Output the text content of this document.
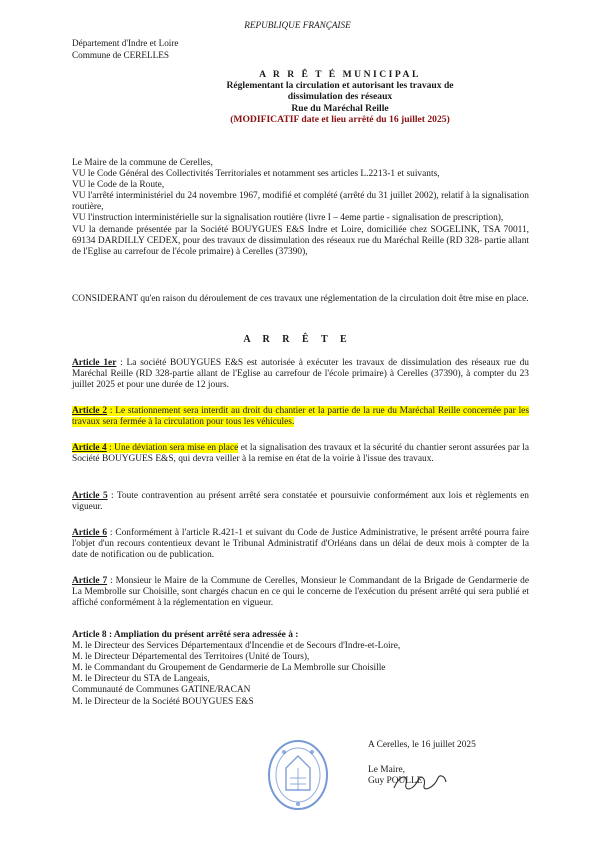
REPUBLIQUE FRANÇAISE
Département d'Indre et Loire
Commune de CERELLES
A R R Ê T É MUNICIPAL
Réglementant la circulation et autorisant les travaux de
dissimulation des réseaux
Rue du Maréchal Reille
(MODIFICATIF date et lieu arrêté du 16 juillet 2025)
Le Maire de la commune de Cerelles,
VU le Code Général des Collectivités Territoriales et notamment ses articles L.2213-1 et suivants,
VU le Code de la Route,
VU l'arrêté interministériel du 24 novembre 1967, modifié et complété (arrêté du 31 juillet 2002), relatif à la signalisation routière,
VU l'instruction interministérielle sur la signalisation routière (livre I – 4eme partie - signalisation de prescription),
VU la demande présentée par la Société BOUYGUES E&S Indre et Loire, domiciliée chez SOGELINK, TSA 70011, 69134 DARDILLY CEDEX, pour des travaux de dissimulation des réseaux rue du Maréchal Reille (RD 328- partie allant de l'Eglise au carrefour de l'école primaire) à Cerelles (37390),
CONSIDERANT qu'en raison du déroulement de ces travaux une réglementation de la circulation doit être mise en place.
A R R Ê T E
Article 1er : La société BOUYGUES E&S est autorisée à exécuter les travaux de dissimulation des réseaux rue du Maréchal Reille (RD 328-partie allant de l'Eglise au carrefour de l'école primaire) à Cerelles (37390), à compter du 23 juillet 2025 et pour une durée de 12 jours.
Article 2 : Le stationnement sera interdit au droit du chantier et la partie de la rue du Maréchal Reille concernée par les travaux sera fermée à la circulation pour tous les véhicules.
Article 4 : Une déviation sera mise en place et la signalisation des travaux et la sécurité du chantier seront assurées par la Société BOUYGUES E&S, qui devra veiller à la remise en état de la voirie à l'issue des travaux.
Article 5 : Toute contravention au présent arrêté sera constatée et poursuivie conformément aux lois et règlements en vigueur.
Article 6 : Conformément à l'article R.421-1 et suivant du Code de Justice Administrative, le présent arrêté pourra faire l'objet d'un recours contentieux devant le Tribunal Administratif d'Orléans dans un délai de deux mois à compter de la date de notification ou de publication.
Article 7 : Monsieur le Maire de la Commune de Cerelles, Monsieur le Commandant de la Brigade de Gendarmerie de La Membrolle sur Choisille, sont chargés chacun en ce qui le concerne de l'exécution du présent arrêté qui sera publié et affiché conformément à la réglementation en vigueur.
Article 8 : Ampliation du présent arrêté sera adressée à :
M. le Directeur des Services Départementaux d'Incendie et de Secours d'Indre-et-Loire,
M. le Directeur Départemental des Territoires (Unité de Tours),
M. le Commandant du Groupement de Gendarmerie de La Membrolle sur Choisille
M. le Directeur du STA de Langeais,
Communauté de Communes GATINE/RACAN
M. le Directeur de la Société BOUYGUES E&S
A Cerelles, le 16 juillet 2025
Le Maire,
Guy POULLE
